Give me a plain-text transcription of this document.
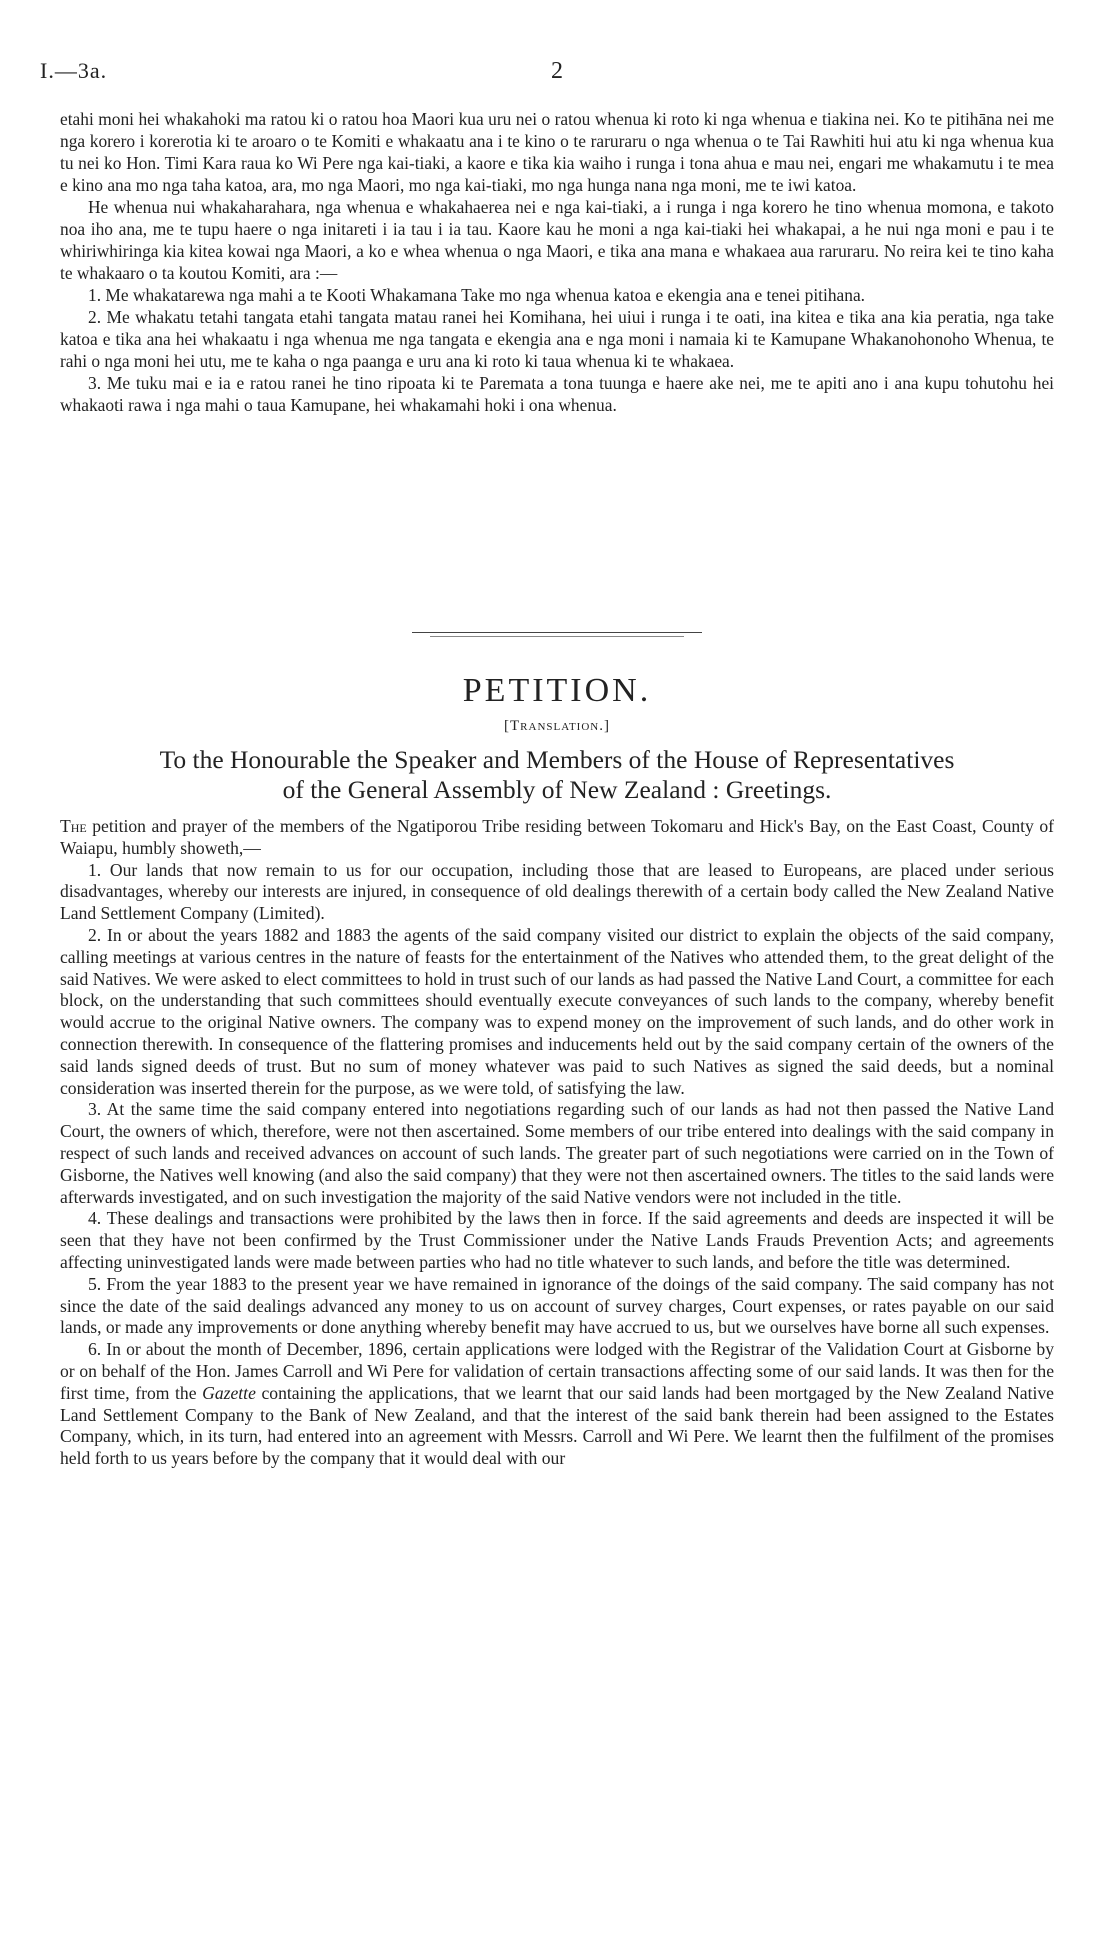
I.—3a.	2

etahi moni hei whakahoki ma ratou ki o ratou hoa Maori kua uru nei o ratou whenua ki roto ki nga whenua e tiakina nei. Ko te pitihāna nei me nga korero i korerotia ki te aroaro o te Komiti e whakaatu ana i te kino o te raruraru o nga whenua o te Tai Rawhiti hui atu ki nga whenua kua tu nei ko Hon. Timi Kara raua ko Wi Pere nga kai-tiaki, a kaore e tika kia waiho i runga i tona ahua e mau nei, engari me whakamutu i te mea e kino ana mo nga taha katoa, ara, mo nga Maori, mo nga kai-tiaki, mo nga hunga nana nga moni, me te iwi katoa.

He whenua nui whakaharahara, nga whenua e whakahaerea nei e nga kai-tiaki, a i runga i nga korero he tino whenua momona, e takoto noa iho ana, me te tupu haere o nga initareti i ia tau i ia tau. Kaore kau he moni a nga kai-tiaki hei whakapai, a he nui nga moni e pau i te whiriwhiringa kia kitea kowai nga Maori, a ko e whea whenua o nga Maori, e tika ana mana e whakaea aua raruraru. No reira kei te tino kaha te whakaaro o ta koutou Komiti, ara :—

1. Me whakatarewa nga mahi a te Kooti Whakamana Take mo nga whenua katoa e ekengia ana e tenei pitihana.

2. Me whakatu tetahi tangata etahi tangata matau ranei hei Komihana, hei uiui i runga i te oati, ina kitea e tika ana kia peratia, nga take katoa e tika ana hei whakaatu i nga whenua me nga tangata e ekengia ana e nga moni i namaia ki te Kamupane Whakanohonoho Whenua, te rahi o nga moni hei utu, me te kaha o nga paanga e uru ana ki roto ki taua whenua ki te whakaea.

3. Me tuku mai e ia e ratou ranei he tino ripoata ki te Paremata a tona tuunga e haere ake nei, me te apiti ano i ana kupu tohutohu hei whakaoti rawa i nga mahi o taua Kamupane, hei whakamahi hoki i ona whenua.

PETITION.
[Translation.]
To the Honourable the Speaker and Members of the House of Representatives
of the General Assembly of New Zealand : Greetings.

The petition and prayer of the members of the Ngatiporou Tribe residing between Tokomaru and Hick's Bay, on the East Coast, County of Waiapu, humbly showeth,—

1. Our lands that now remain to us for our occupation, including those that are leased to Europeans, are placed under serious disadvantages, whereby our interests are injured, in consequence of old dealings therewith of a certain body called the New Zealand Native Land Settlement Company (Limited).

2. In or about the years 1882 and 1883 the agents of the said company visited our district to explain the objects of the said company, calling meetings at various centres in the nature of feasts for the entertainment of the Natives who attended them, to the great delight of the said Natives. We were asked to elect committees to hold in trust such of our lands as had passed the Native Land Court, a committee for each block, on the understanding that such committees should eventually execute conveyances of such lands to the company, whereby benefit would accrue to the original Native owners. The company was to expend money on the improvement of such lands, and do other work in connection therewith. In consequence of the flattering promises and inducements held out by the said company certain of the owners of the said lands signed deeds of trust. But no sum of money whatever was paid to such Natives as signed the said deeds, but a nominal consideration was inserted therein for the purpose, as we were told, of satisfying the law.

3. At the same time the said company entered into negotiations regarding such of our lands as had not then passed the Native Land Court, the owners of which, therefore, were not then ascertained. Some members of our tribe entered into dealings with the said company in respect of such lands and received advances on account of such lands. The greater part of such negotiations were carried on in the Town of Gisborne, the Natives well knowing (and also the said company) that they were not then ascertained owners. The titles to the said lands were afterwards investigated, and on such investigation the majority of the said Native vendors were not included in the title.

4. These dealings and transactions were prohibited by the laws then in force. If the said agreements and deeds are inspected it will be seen that they have not been confirmed by the Trust Commissioner under the Native Lands Frauds Prevention Acts; and agreements affecting uninvestigated lands were made between parties who had no title whatever to such lands, and before the title was determined.

5. From the year 1883 to the present year we have remained in ignorance of the doings of the said company. The said company has not since the date of the said dealings advanced any money to us on account of survey charges, Court expenses, or rates payable on our said lands, or made any improvements or done anything whereby benefit may have accrued to us, but we ourselves have borne all such expenses.

6. In or about the month of December, 1896, certain applications were lodged with the Registrar of the Validation Court at Gisborne by or on behalf of the Hon. James Carroll and Wi Pere for validation of certain transactions affecting some of our said lands. It was then for the first time, from the Gazette containing the applications, that we learnt that our said lands had been mortgaged by the New Zealand Native Land Settlement Company to the Bank of New Zealand, and that the interest of the said bank therein had been assigned to the Estates Company, which, in its turn, had entered into an agreement with Messrs. Carroll and Wi Pere. We learnt then the fulfilment of the promises held forth to us years before by the company that it would deal with our
